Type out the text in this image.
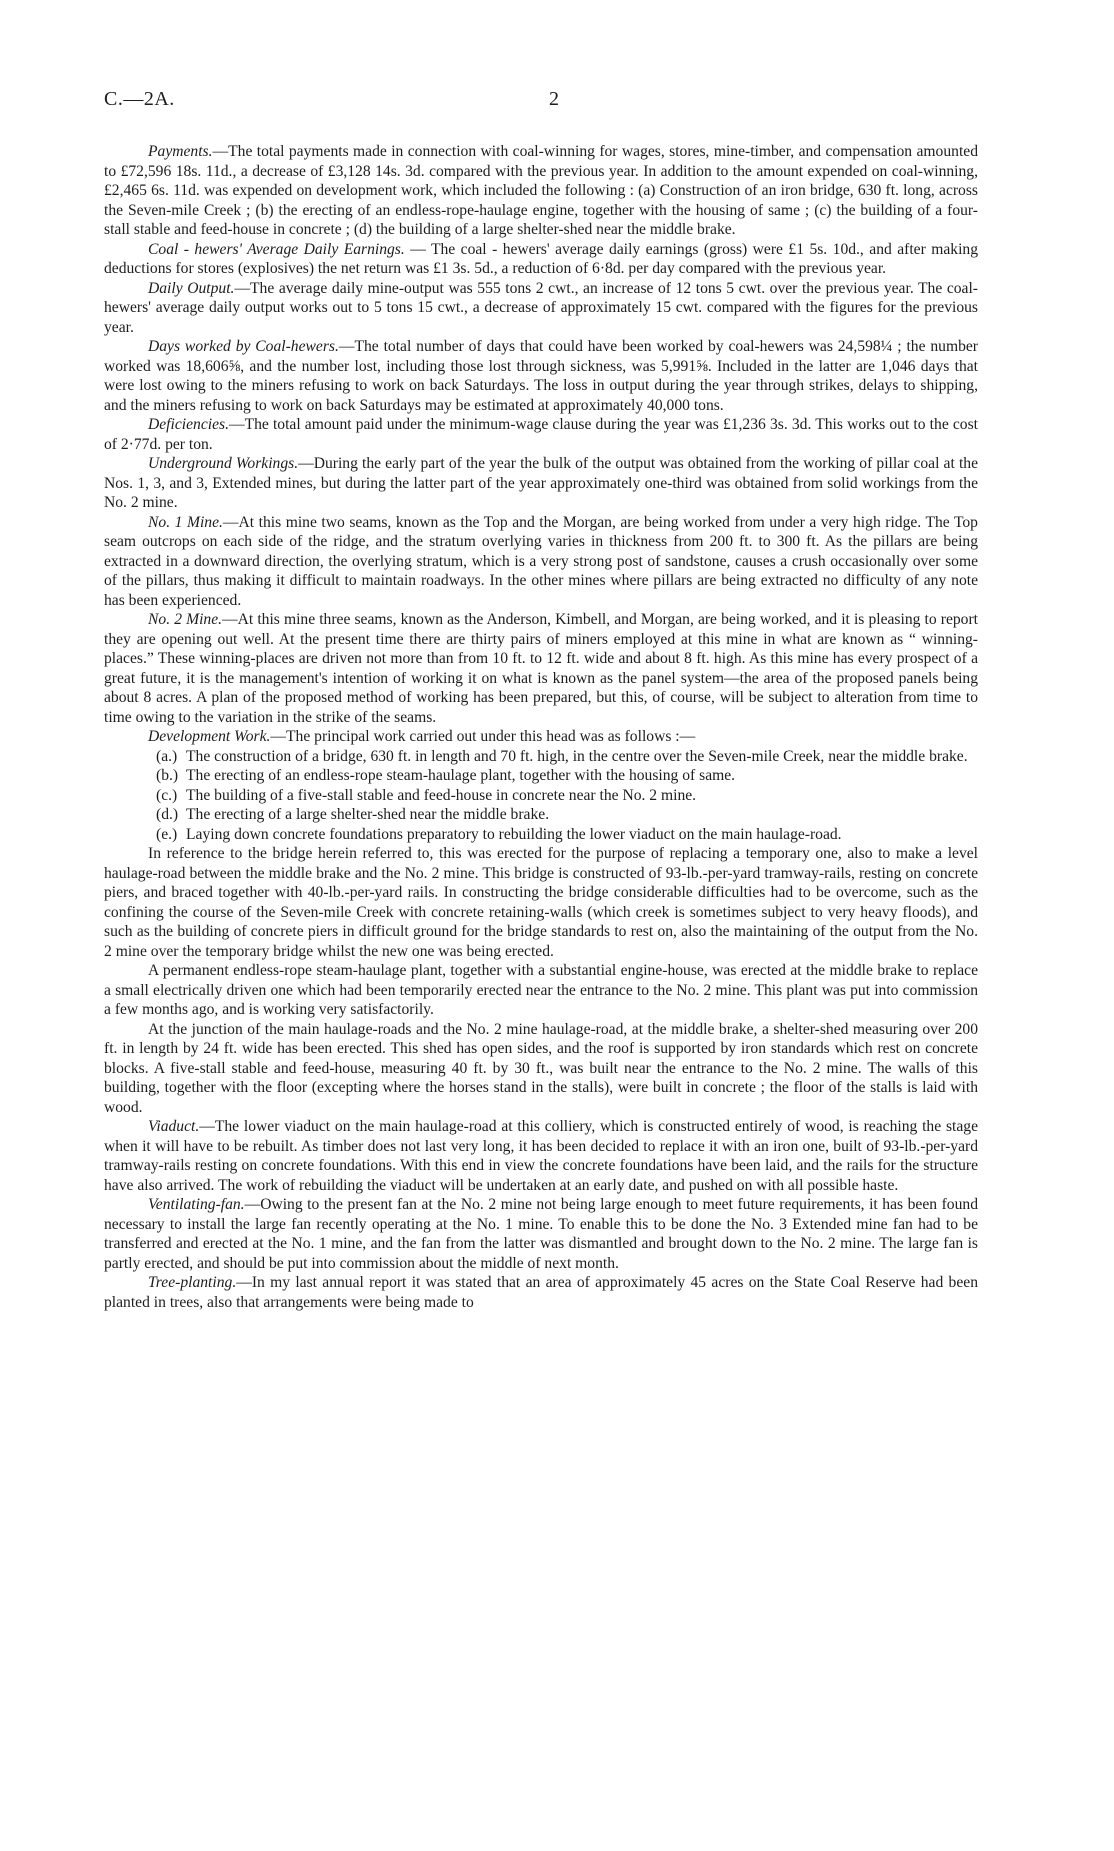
C.—2A.	2

Payments.—The total payments made in connection with coal-winning for wages, stores, mine-timber, and compensation amounted to £72,596 18s. 11d., a decrease of £3,128 14s. 3d. compared with the previous year. In addition to the amount expended on coal-winning, £2,465 6s. 11d. was expended on development work, which included the following : (a) Construction of an iron bridge, 630 ft. long, across the Seven-mile Creek ; (b) the erecting of an endless-rope-haulage engine, together with the housing of same ; (c) the building of a four-stall stable and feed-house in concrete ; (d) the building of a large shelter-shed near the middle brake.

Coal - hewers' Average Daily Earnings. — The coal - hewers' average daily earnings (gross) were £1 5s. 10d., and after making deductions for stores (explosives) the net return was £1 3s. 5d., a reduction of 6·8d. per day compared with the previous year.

Daily Output.—The average daily mine-output was 555 tons 2 cwt., an increase of 12 tons 5 cwt. over the previous year. The coal-hewers' average daily output works out to 5 tons 15 cwt., a decrease of approximately 15 cwt. compared with the figures for the previous year.

Days worked by Coal-hewers.—The total number of days that could have been worked by coal-hewers was 24,598¼ ; the number worked was 18,606⅝, and the number lost, including those lost through sickness, was 5,991⅝. Included in the latter are 1,046 days that were lost owing to the miners refusing to work on back Saturdays. The loss in output during the year through strikes, delays to shipping, and the miners refusing to work on back Saturdays may be estimated at approximately 40,000 tons.

Deficiencies.—The total amount paid under the minimum-wage clause during the year was £1,236 3s. 3d. This works out to the cost of 2·77d. per ton.

Underground Workings.—During the early part of the year the bulk of the output was obtained from the working of pillar coal at the Nos. 1, 3, and 3, Extended mines, but during the latter part of the year approximately one-third was obtained from solid workings from the No. 2 mine.

No. 1 Mine.—At this mine two seams, known as the Top and the Morgan, are being worked from under a very high ridge. The Top seam outcrops on each side of the ridge, and the stratum overlying varies in thickness from 200 ft. to 300 ft. As the pillars are being extracted in a downward direction, the overlying stratum, which is a very strong post of sandstone, causes a crush occasionally over some of the pillars, thus making it difficult to maintain roadways. In the other mines where pillars are being extracted no difficulty of any note has been experienced.

No. 2 Mine.—At this mine three seams, known as the Anderson, Kimbell, and Morgan, are being worked, and it is pleasing to report they are opening out well. At the present time there are thirty pairs of miners employed at this mine in what are known as “ winning-places.” These winning-places are driven not more than from 10 ft. to 12 ft. wide and about 8 ft. high. As this mine has every prospect of a great future, it is the management's intention of working it on what is known as the panel system—the area of the proposed panels being about 8 acres. A plan of the proposed method of working has been prepared, but this, of course, will be subject to alteration from time to time owing to the variation in the strike of the seams.

Development Work.—The principal work carried out under this head was as follows :—

(a.) The construction of a bridge, 630 ft. in length and 70 ft. high, in the centre over the Seven-mile Creek, near the middle brake.
(b.) The erecting of an endless-rope steam-haulage plant, together with the housing of same.
(c.) The building of a five-stall stable and feed-house in concrete near the No. 2 mine.
(d.) The erecting of a large shelter-shed near the middle brake.
(e.) Laying down concrete foundations preparatory to rebuilding the lower viaduct on the main haulage-road.

In reference to the bridge herein referred to, this was erected for the purpose of replacing a temporary one, also to make a level haulage-road between the middle brake and the No. 2 mine. This bridge is constructed of 93-lb.-per-yard tramway-rails, resting on concrete piers, and braced together with 40-lb.-per-yard rails. In constructing the bridge considerable difficulties had to be overcome, such as the confining the course of the Seven-mile Creek with concrete retaining-walls (which creek is sometimes subject to very heavy floods), and such as the building of concrete piers in difficult ground for the bridge standards to rest on, also the maintaining of the output from the No. 2 mine over the temporary bridge whilst the new one was being erected.

A permanent endless-rope steam-haulage plant, together with a substantial engine-house, was erected at the middle brake to replace a small electrically driven one which had been temporarily erected near the entrance to the No. 2 mine. This plant was put into commission a few months ago, and is working very satisfactorily.

At the junction of the main haulage-roads and the No. 2 mine haulage-road, at the middle brake, a shelter-shed measuring over 200 ft. in length by 24 ft. wide has been erected. This shed has open sides, and the roof is supported by iron standards which rest on concrete blocks. A five-stall stable and feed-house, measuring 40 ft. by 30 ft., was built near the entrance to the No. 2 mine. The walls of this building, together with the floor (excepting where the horses stand in the stalls), were built in concrete ; the floor of the stalls is laid with wood.

Viaduct.—The lower viaduct on the main haulage-road at this colliery, which is constructed entirely of wood, is reaching the stage when it will have to be rebuilt. As timber does not last very long, it has been decided to replace it with an iron one, built of 93-lb.-per-yard tramway-rails resting on concrete foundations. With this end in view the concrete foundations have been laid, and the rails for the structure have also arrived. The work of rebuilding the viaduct will be undertaken at an early date, and pushed on with all possible haste.

Ventilating-fan.—Owing to the present fan at the No. 2 mine not being large enough to meet future requirements, it has been found necessary to install the large fan recently operating at the No. 1 mine. To enable this to be done the No. 3 Extended mine fan had to be transferred and erected at the No. 1 mine, and the fan from the latter was dismantled and brought down to the No. 2 mine. The large fan is partly erected, and should be put into commission about the middle of next month.

Tree-planting.—In my last annual report it was stated that an area of approximately 45 acres on the State Coal Reserve had been planted in trees, also that arrangements were being made to
